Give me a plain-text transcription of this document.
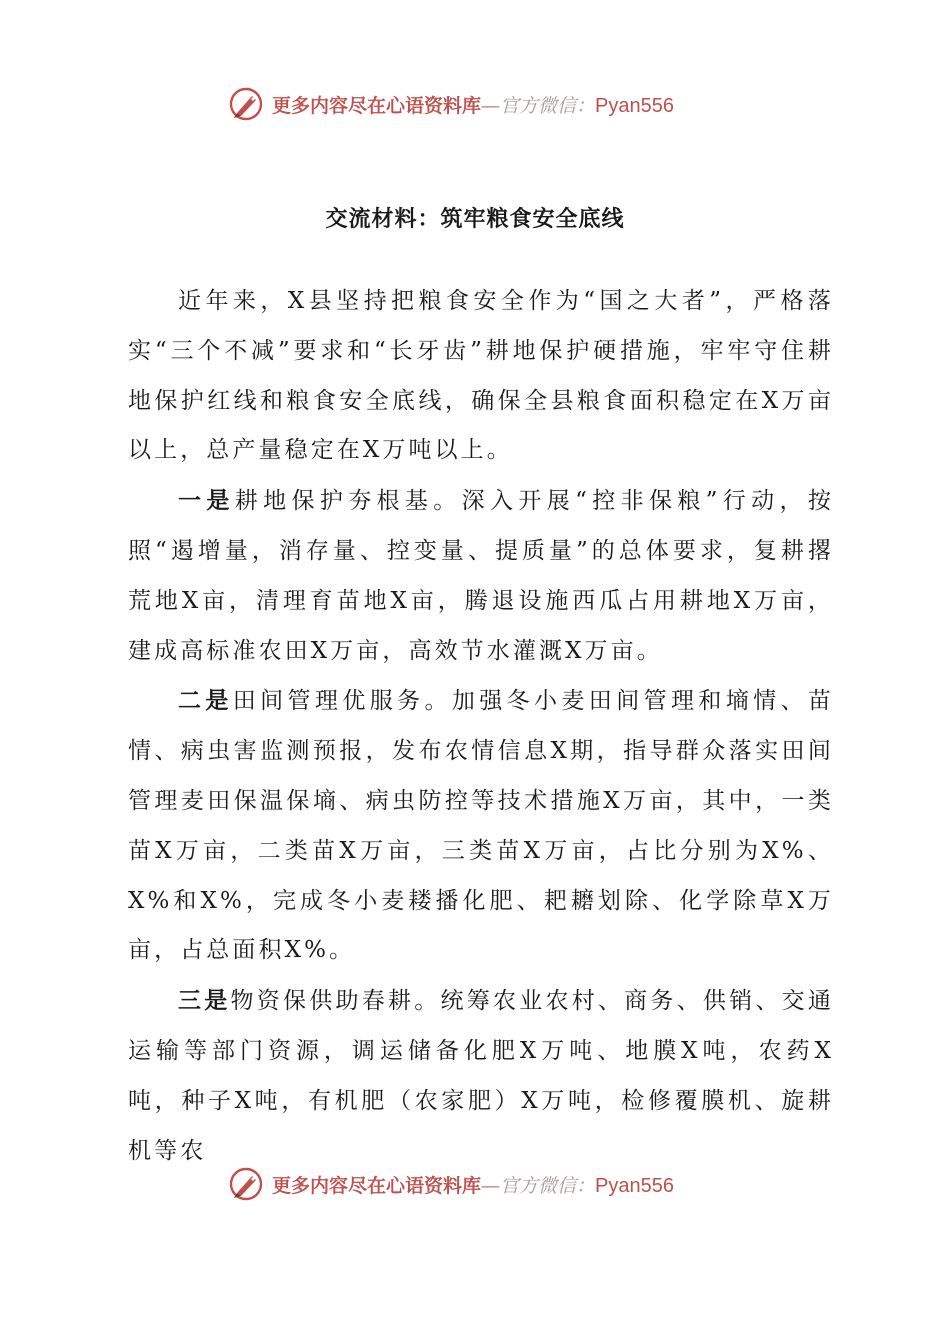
更多内容尽在心语资料库—官方微信：Pyan556
交流材料：筑牢粮食安全底线

近年来，X县坚持把粮食安全作为“国之大者”，严格落实“三个不减”要求和“长牙齿”耕地保护硬措施，牢牢守住耕地保护红线和粮食安全底线，确保全县粮食面积稳定在X万亩以上，总产量稳定在X万吨以上。

一是耕地保护夯根基。深入开展“控非保粮”行动，按照“遏增量，消存量、控变量、提质量”的总体要求，复耕撂荒地X亩，清理育苗地X亩，腾退设施西瓜占用耕地X万亩，建成高标准农田X万亩，高效节水灌溉X万亩。

二是田间管理优服务。加强冬小麦田间管理和墒情、苗情、病虫害监测预报，发布农情信息X期，指导群众落实田间管理麦田保温保墒、病虫防控等技术措施X万亩，其中，一类苗X万亩，二类苗X万亩，三类苗X万亩，占比分别为X%、X%和X%，完成冬小麦耧播化肥、耙耱划除、化学除草X万亩，占总面积X%。

三是物资保供助春耕。统筹农业农村、商务、供销、交通运输等部门资源，调运储备化肥X万吨、地膜X吨，农药X吨，种子X吨，有机肥（农家肥）X万吨，检修覆膜机、旋耕机等农

更多内容尽在心语资料库—官方微信：Pyan556
